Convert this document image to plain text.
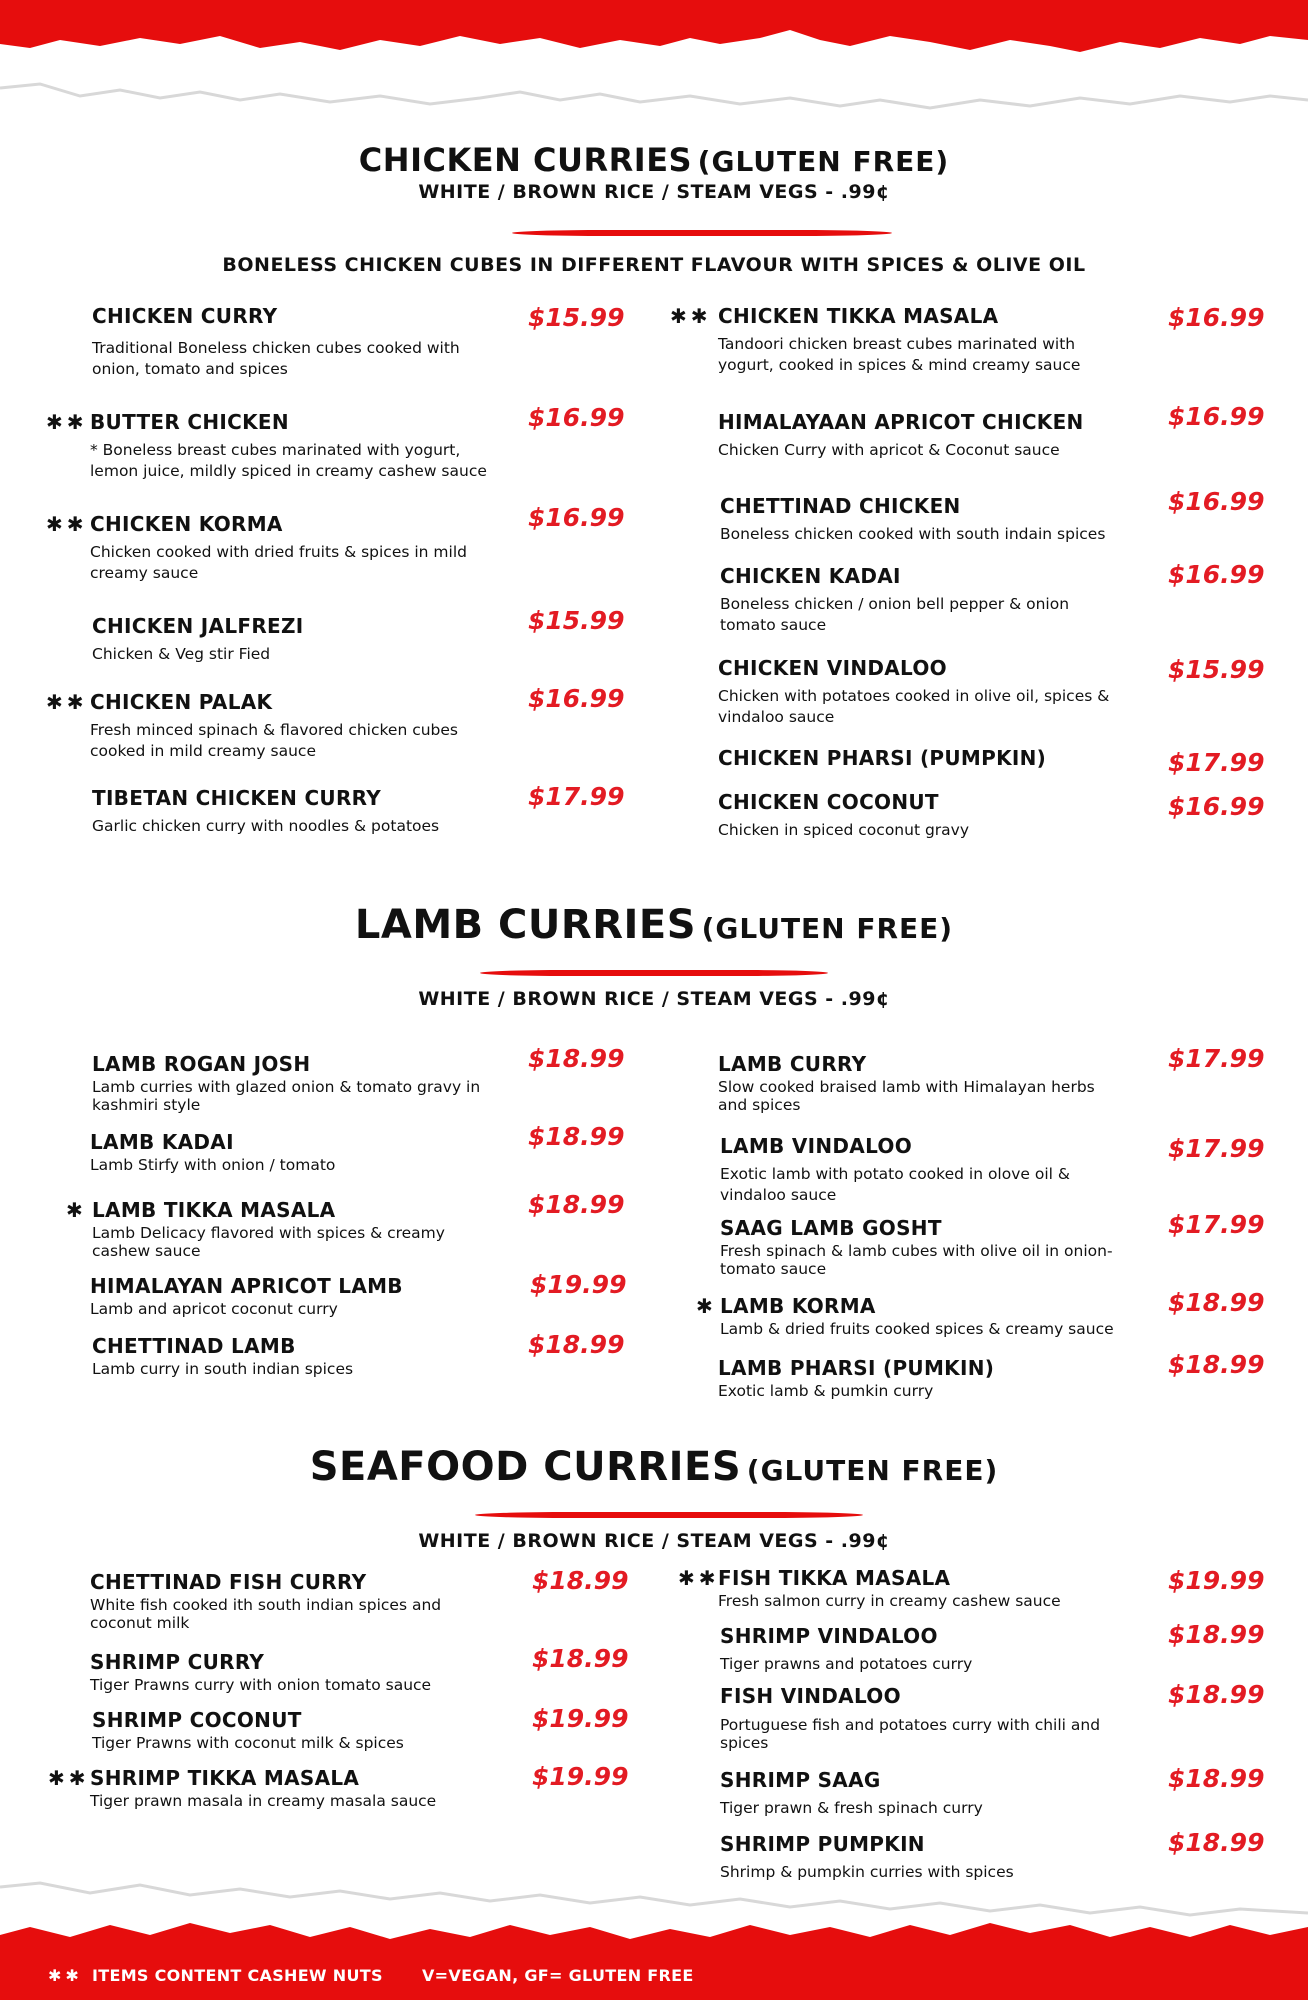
CHICKEN CURRIES (GLUTEN FREE)
WHITE / BROWN RICE / STEAM VEGS - .99¢
BONELESS CHICKEN CUBES IN DIFFERENT FLAVOUR WITH SPICES & OLIVE OIL
CHICKEN CURRY
Traditional Boneless chicken cubes cooked with onion, tomato and spices
$15.99
✱✱ BUTTER CHICKEN
* Boneless breast cubes marinated with yogurt, lemon juice, mildly spiced in creamy cashew sauce
$16.99
✱✱ CHICKEN KORMA
Chicken cooked with dried fruits & spices in mild creamy sauce
$16.99
CHICKEN JALFREZI
Chicken & Veg stir Fied
$15.99
✱✱ CHICKEN PALAK
Fresh minced spinach & flavored chicken cubes cooked in mild creamy sauce
$16.99
TIBETAN CHICKEN CURRY
Garlic chicken curry with noodles & potatoes
$17.99
✱✱ CHICKEN TIKKA MASALA
Tandoori chicken breast cubes marinated with yogurt, cooked in spices & mind creamy sauce
$16.99
HIMALAYAAN APRICOT CHICKEN
Chicken Curry with apricot & Coconut sauce
$16.99
CHETTINAD CHICKEN
Boneless chicken cooked with south indain spices
$16.99
CHICKEN KADAI
Boneless chicken / onion bell pepper & onion tomato sauce
$16.99
CHICKEN VINDALOO
Chicken with potatoes cooked in olive oil, spices & vindaloo sauce
$15.99
CHICKEN PHARSI (PUMPKIN)	$17.99
CHICKEN COCONUT
Chicken in spiced coconut gravy
$16.99
LAMB CURRIES (GLUTEN FREE)
WHITE / BROWN RICE / STEAM VEGS - .99¢
LAMB ROGAN JOSH
Lamb curries with glazed onion & tomato gravy in kashmiri style
$18.99
LAMB KADAI
Lamb Stirfy with onion / tomato
$18.99
✱ LAMB TIKKA MASALA
Lamb Delicacy flavored with spices & creamy cashew sauce
$18.99
HIMALAYAN APRICOT LAMB
Lamb and apricot coconut curry
$19.99
CHETTINAD LAMB
Lamb curry in south indian spices
$18.99
LAMB CURRY
Slow cooked braised lamb with Himalayan herbs and spices
$17.99
LAMB VINDALOO
Exotic lamb with potato cooked in olove oil & vindaloo sauce
$17.99
SAAG LAMB GOSHT
Fresh spinach & lamb cubes with olive oil in onion-tomato sauce
$17.99
✱ LAMB KORMA
Lamb & dried fruits cooked spices & creamy sauce
$18.99
LAMB PHARSI (PUMKIN)
Exotic lamb & pumkin curry
$18.99
SEAFOOD CURRIES (GLUTEN FREE)
WHITE / BROWN RICE / STEAM VEGS - .99¢
CHETTINAD FISH CURRY
White fish cooked ith south indian spices and coconut milk
$18.99
SHRIMP CURRY
Tiger Prawns curry with onion tomato sauce
$18.99
SHRIMP COCONUT
Tiger Prawns with coconut milk & spices
$19.99
✱✱ SHRIMP TIKKA MASALA
Tiger prawn masala in creamy masala sauce
$19.99
✱✱
FISH TIKKA MASALA
Fresh salmon curry in creamy cashew sauce
$19.99
SHRIMP VINDALOO
Tiger prawns and potatoes curry
$18.99
FISH VINDALOO
Portuguese fish and potatoes curry with chili and spices
$18.99
SHRIMP SAAG
Tiger prawn & fresh spinach curry
$18.99
SHRIMP PUMPKIN
Shrimp & pumpkin curries with spices
$18.99
✱✱ ITEMS CONTENT CASHEW NUTS V=VEGAN, GF= GLUTEN FREE
